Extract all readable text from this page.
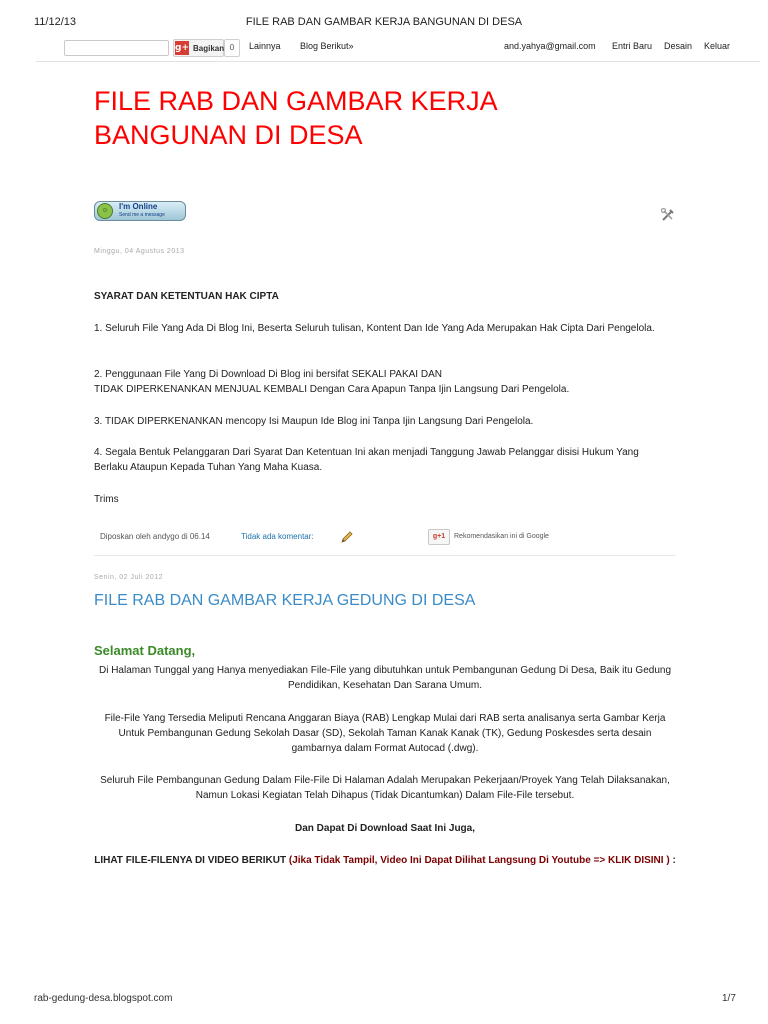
11/12/13	FILE RAB DAN GAMBAR KERJA BANGUNAN DI DESA
g+ Bagikan 0	Lainnya Blog Berikut»	and.yahya@gmail.com Entri Baru Desain Keluar
FILE RAB DAN GAMBAR KERJA BANGUNAN DI DESA
☺	I'm Online
Send me a message
Minggu, 04 Agustus 2013
SYARAT DAN KETENTUAN HAK CIPTA
1. Seluruh File Yang Ada Di Blog Ini, Beserta Seluruh tulisan, Kontent Dan Ide Yang Ada Merupakan Hak Cipta Dari Pengelola.
2. Penggunaan File Yang Di Download Di Blog ini bersifat SEKALI PAKAI DAN
TIDAK DIPERKENANKAN MENJUAL KEMBALI Dengan Cara Apapun Tanpa Ijin Langsung Dari Pengelola.
3. TIDAK DIPERKENANKAN mencopy Isi Maupun Ide Blog ini Tanpa Ijin Langsung Dari Pengelola.
4. Segala Bentuk Pelanggaran Dari Syarat Dan Ketentuan Ini akan menjadi Tanggung Jawab Pelanggar disisi Hukum Yang Berlaku Ataupun Kepada Tuhan Yang Maha Kuasa.
Trims
Diposkan oleh andygo di 06.14	Tidak ada komentar:	g+1	Rekomendasikan ini di Google
Senin, 02 Juli 2012
FILE RAB DAN GAMBAR KERJA GEDUNG DI DESA
Selamat Datang,
Di Halaman Tunggal yang Hanya menyediakan File-File yang dibutuhkan untuk Pembangunan Gedung Di Desa, Baik itu Gedung Pendidikan, Kesehatan Dan Sarana Umum.
File-File Yang Tersedia Meliputi Rencana Anggaran Biaya (RAB) Lengkap Mulai dari RAB serta analisanya serta Gambar Kerja Untuk Pembangunan Gedung Sekolah Dasar (SD), Sekolah Taman Kanak Kanak (TK), Gedung Poskesdes serta desain gambarnya dalam Format Autocad (.dwg).
Seluruh File Pembangunan Gedung Dalam File-File Di Halaman Adalah Merupakan Pekerjaan/Proyek Yang Telah Dilaksanakan, Namun Lokasi Kegiatan Telah Dihapus (Tidak Dicantumkan) Dalam File-File tersebut.
Dan Dapat Di Download Saat Ini Juga,
LIHAT FILE-FILENYA DI VIDEO BERIKUT (Jika Tidak Tampil, Video Ini Dapat Dilihat Langsung Di Youtube => KLIK DISINI ) :
rab-gedung-desa.blogspot.com	1/7
